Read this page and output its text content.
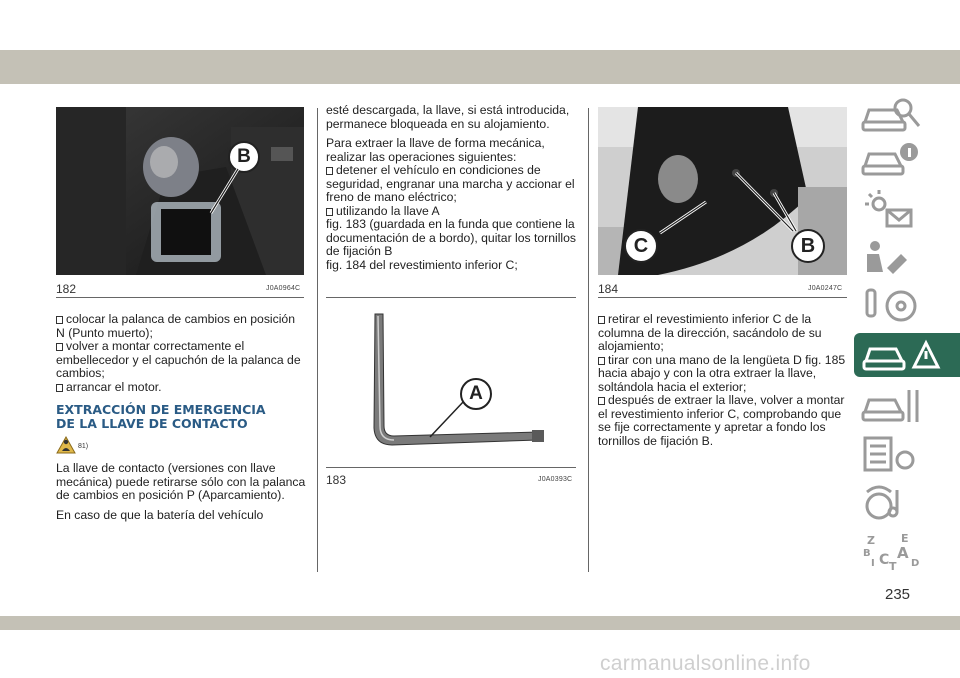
B
182	J0A0964C
A
183	J0A0393C
C	B
184	J0A0247C
colocar la palanca de cambios en posición N (Punto muerto);
volver a montar correctamente el embellecedor y el capuchón de la palanca de cambios;
arrancar el motor.
EXTRACCIÓN DE EMERGENCIA
DE LA LLAVE DE CONTACTO
81)

La llave de contacto (versiones con llave mecánica) puede retirarse sólo con la palanca de cambios en posición P (Aparcamiento).

En caso de que la batería del vehículo

esté descargada, la llave, si está introducida, permanece bloqueada en su alojamiento.

Para extraer la llave de forma mecánica, realizar las operaciones siguientes:

detener el vehículo en condiciones de seguridad, engranar una marcha y accionar el freno de mano eléctrico;
utilizando la llave A
fig. 183 (guardada en la funda que contiene la documentación de a bordo), quitar los tornillos de fijación B
fig. 184 del revestimiento inferior C;
retirar el revestimiento inferior C de la columna de la dirección, sacándolo de su alojamiento;
tirar con una mano de la lengüeta D fig. 185 hacia abajo y con la otra extraer la llave, soltándola hacia el exterior;
después de extraer la llave, volver a montar el revestimiento inferior C, comprobando que se fije correctamente y apretar a fondo los tornillos de fijación B.
Z E
B A
I C T D
235
carmanualsonline.info
